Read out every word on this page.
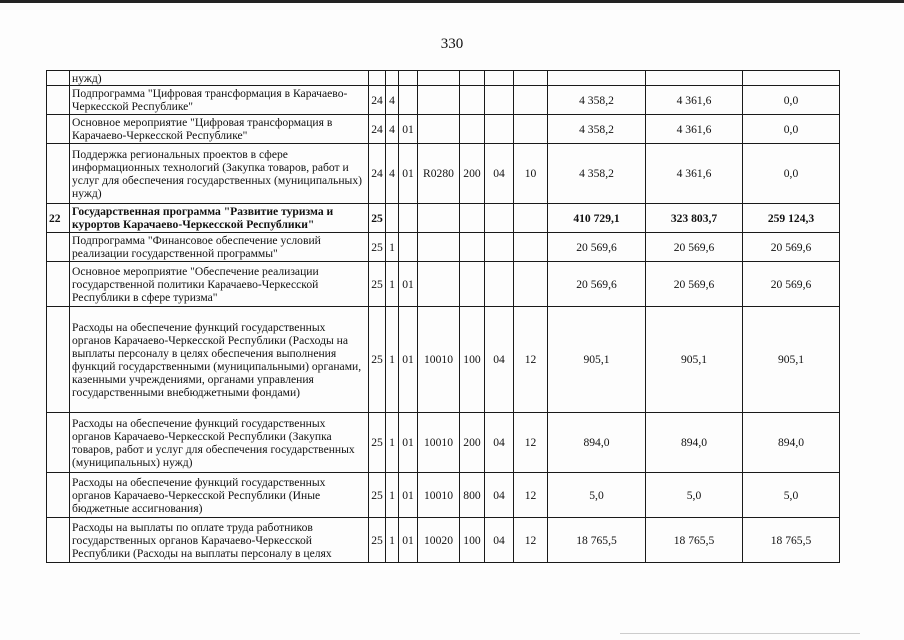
330
	нужд)										
	Подпрограмма "Цифровая трансформация в Карачаево-Черкесской Республике"	24	4						4 358,2	4 361,6	0,0
	Основное мероприятие "Цифровая трансформация в Карачаево-Черкесской Республике"	24	4	01					4 358,2	4 361,6	0,0
	Поддержка региональных проектов в сфере информационных технологий (Закупка товаров, работ и услуг для обеспечения государственных (муниципальных) нужд)	24	4	01	R0280	200	04	10	4 358,2	4 361,6	0,0
22	Государственная программа "Развитие туризма и курортов Карачаево-Черкесской Республики"	25							410 729,1	323 803,7	259 124,3
	Подпрограмма "Финансовое обеспечение условий реализации государственной программы"	25	1						20 569,6	20 569,6	20 569,6
	Основное мероприятие "Обеспечение реализации государственной политики Карачаево-Черкесской Республики в сфере туризма"	25	1	01					20 569,6	20 569,6	20 569,6
	Расходы на обеспечение функций государственных органов Карачаево-Черкесской Республики (Расходы на выплаты персоналу в целях обеспечения выполнения функций государственными (муниципальными) органами, казенными учреждениями, органами управления государственными внебюджетными фондами)	25	1	01	10010	100	04	12	905,1	905,1	905,1
	Расходы на обеспечение функций государственных органов Карачаево-Черкесской Республики (Закупка товаров, работ и услуг для обеспечения государственных (муниципальных) нужд)	25	1	01	10010	200	04	12	894,0	894,0	894,0
	Расходы на обеспечение функций государственных органов Карачаево-Черкесской Республики (Иные бюджетные ассигнования)	25	1	01	10010	800	04	12	5,0	5,0	5,0
	Расходы на выплаты по оплате труда работников государственных органов Карачаево-Черкесской Республики (Расходы на выплаты персоналу в целях	25	1	01	10020	100	04	12	18 765,5	18 765,5	18 765,5
